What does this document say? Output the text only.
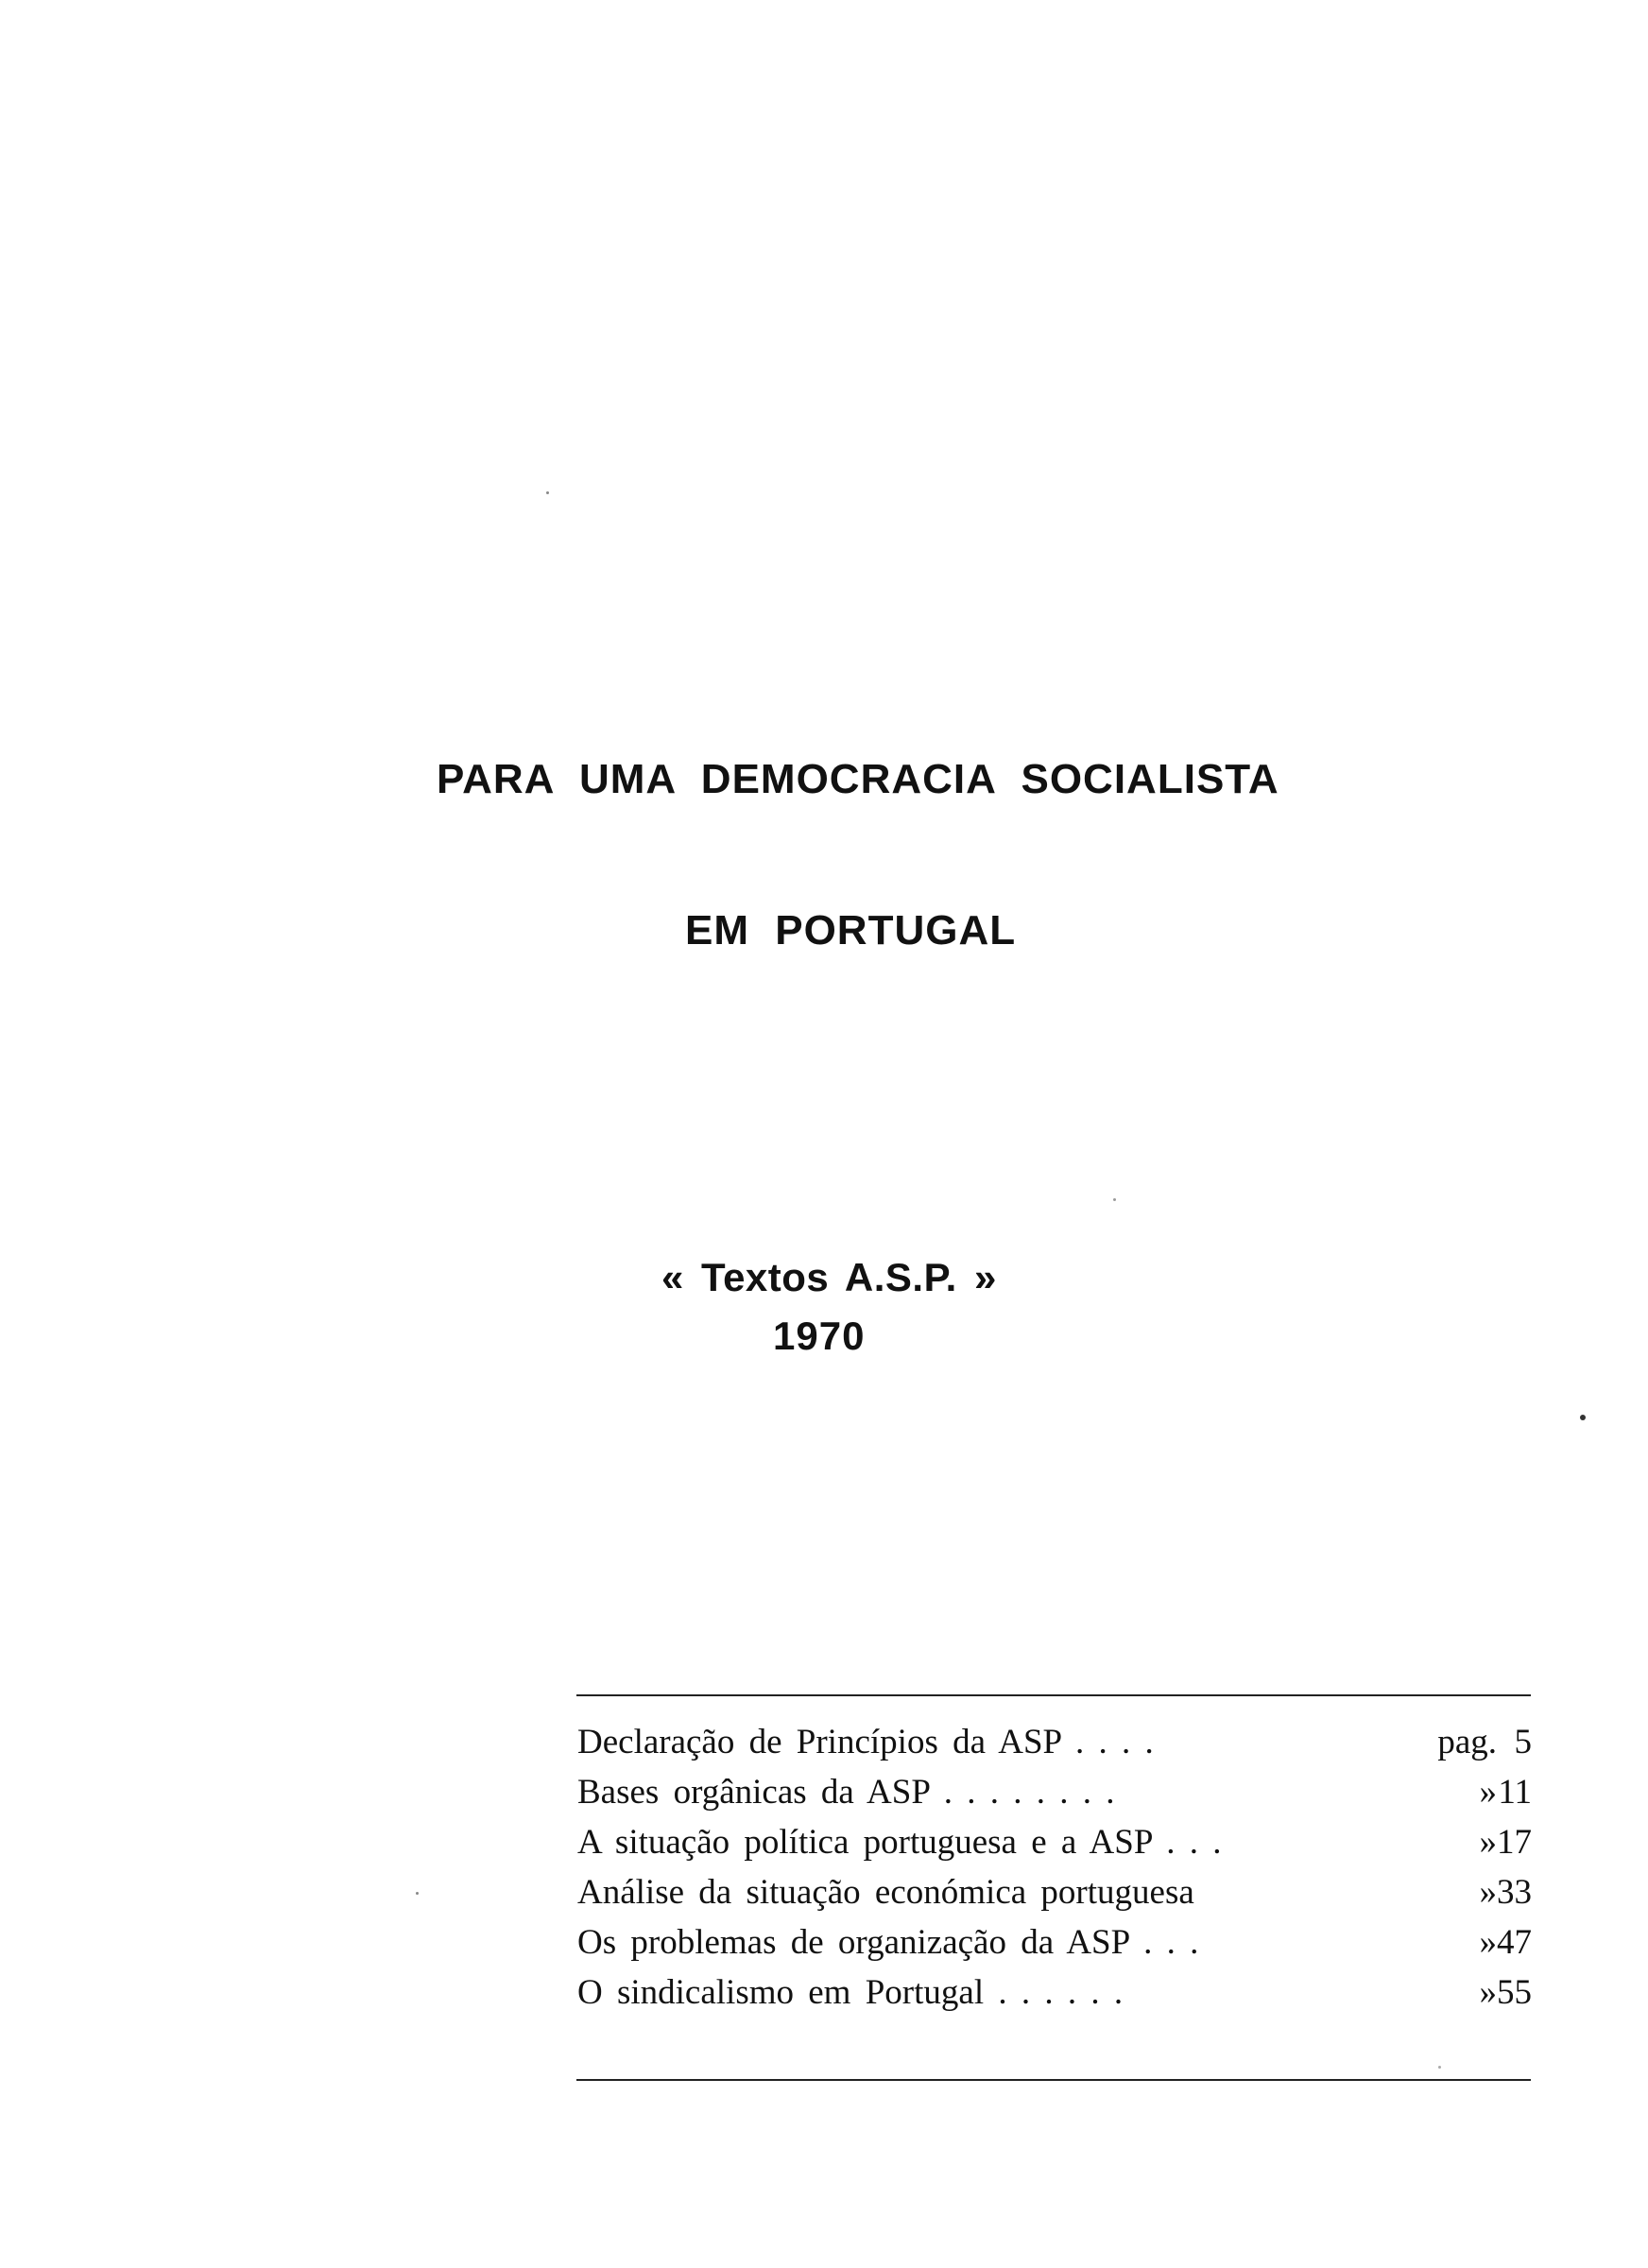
PARA UMA DEMOCRACIA SOCIALISTA
EM PORTUGAL
« Textos A.S.P. »
1970
Declaração de Princípios da ASP . . . .	pag. 5
Bases orgânicas da ASP . . . . . . . .	» 11
A situação política portuguesa e a ASP . . .	» 17
Análise da situação económica portuguesa	» 33
Os problemas de organização da ASP . . .	» 47
O sindicalismo em Portugal . . . . . .	» 55
